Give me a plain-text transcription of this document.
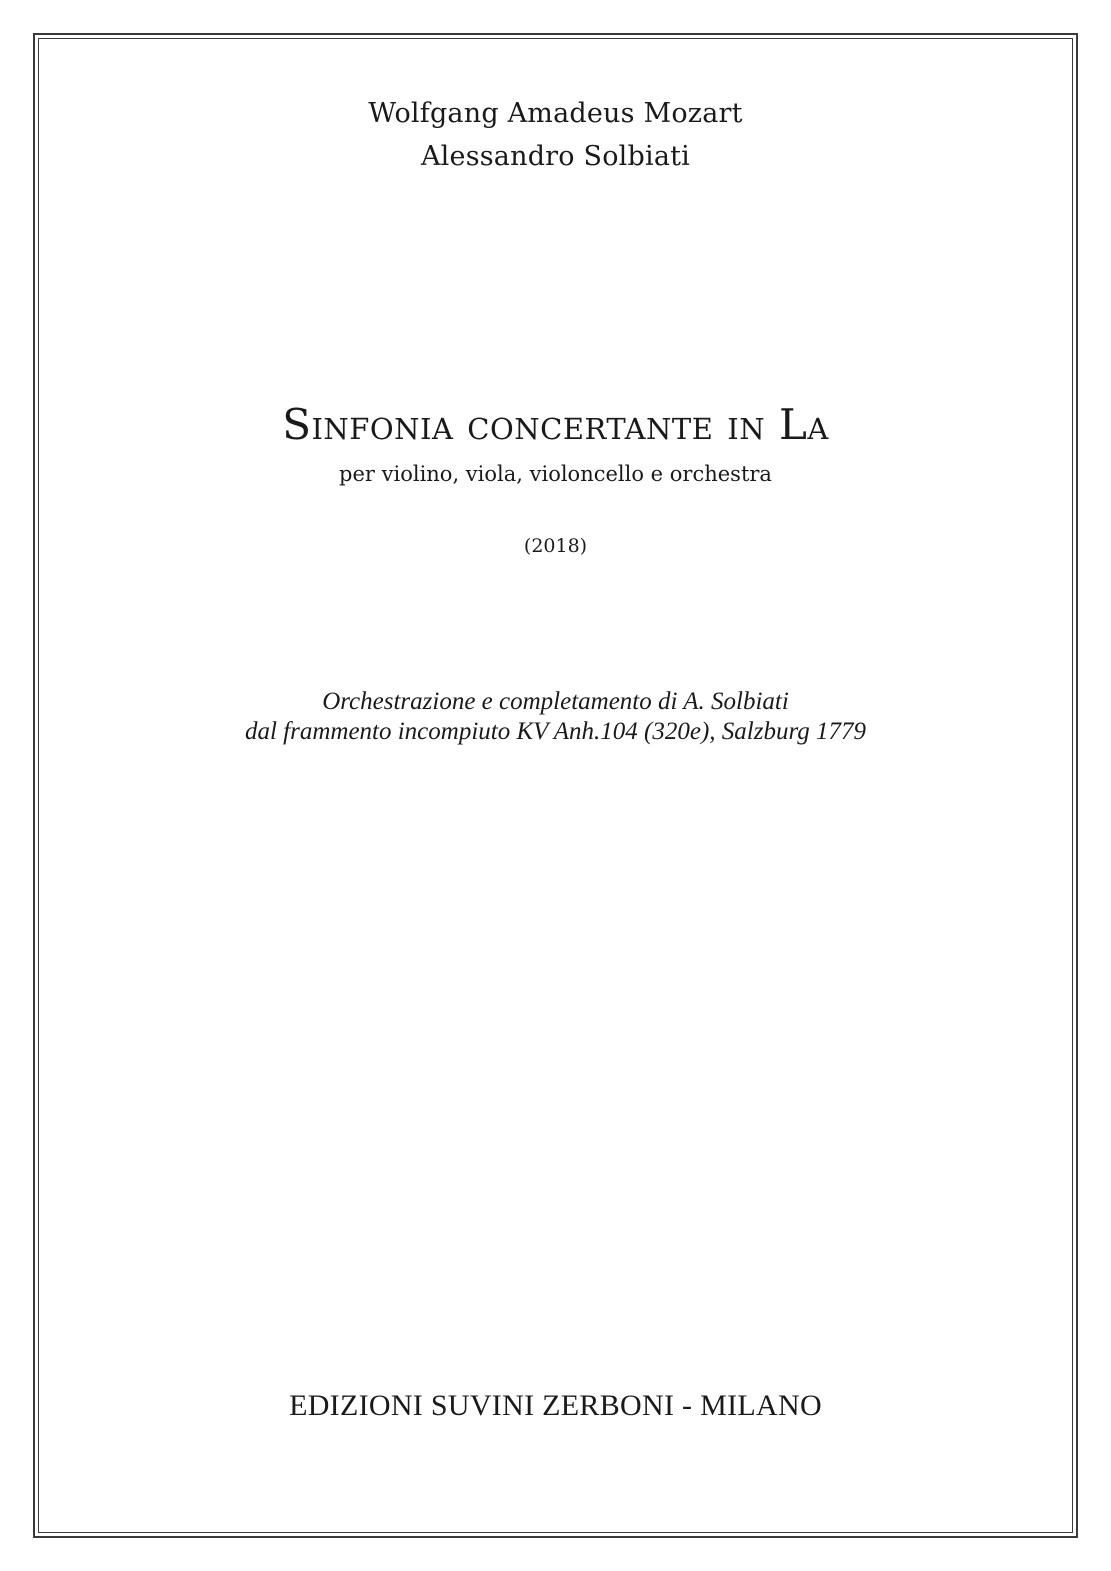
Wolfgang Amadeus Mozart
Alessandro Solbiati
Sinfonia concertante in La
per violino, viola, violoncello e orchestra
(2018)
Orchestrazione e completamento di A. Solbiati
dal frammento incompiuto KV Anh.104 (320e), Salzburg 1779
EDIZIONI SUVINI ZERBONI - MILANO
